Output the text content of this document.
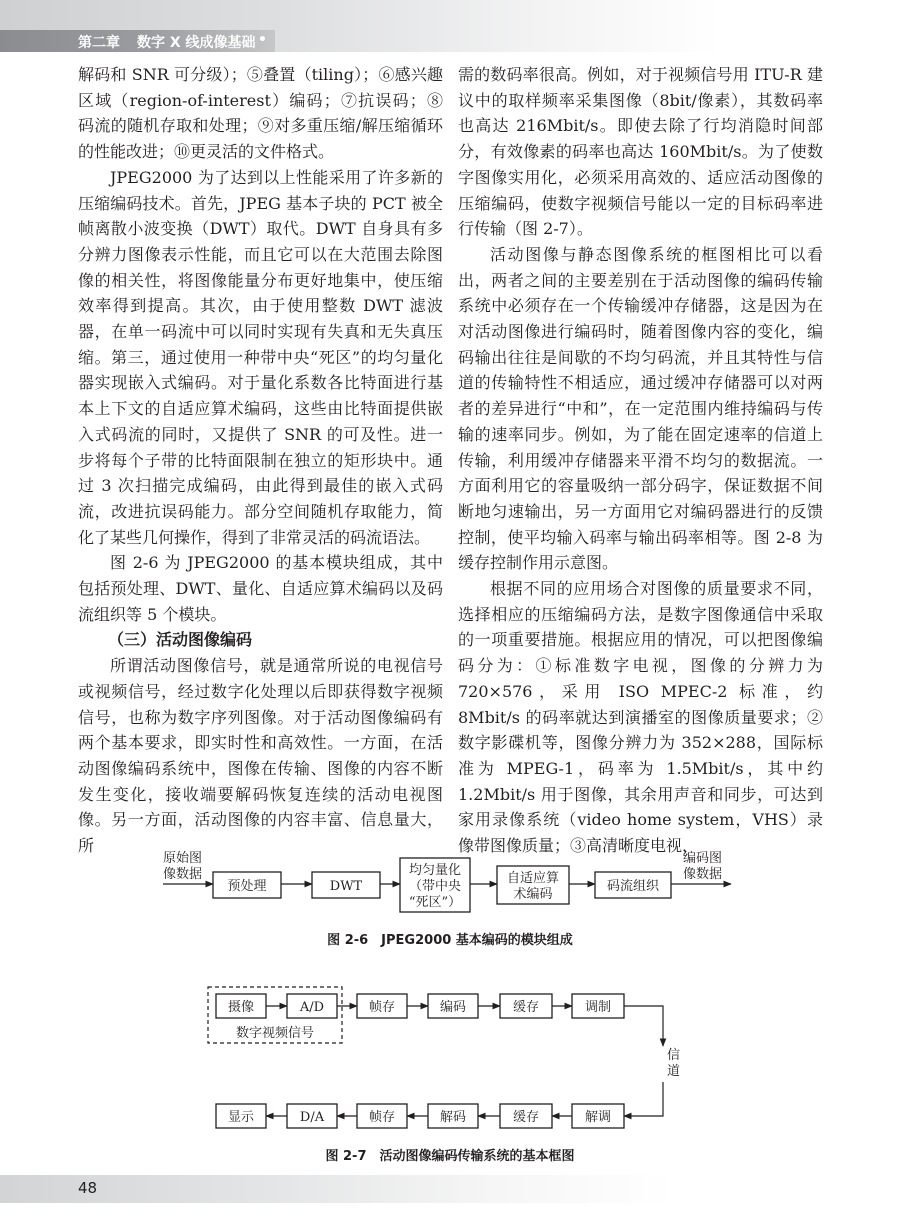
第二章 数字 X 线成像基础 •

解码和 SNR 可分级）；⑤叠置（tiling）；⑥感兴趣区域（region-of-interest）编码；⑦抗误码；⑧码流的随机存取和处理；⑨对多重压缩/解压缩循环的性能改进；⑩更灵活的文件格式。

JPEG2000 为了达到以上性能采用了许多新的压缩编码技术。首先，JPEG 基本子块的 PCT 被全帧离散小波变换（DWT）取代。DWT 自身具有多分辨力图像表示性能，而且它可以在大范围去除图像的相关性，将图像能量分布更好地集中，使压缩效率得到提高。其次，由于使用整数 DWT 滤波器，在单一码流中可以同时实现有失真和无失真压缩。第三，通过使用一种带中央“死区”的均匀量化器实现嵌入式编码。对于量化系数各比特面进行基本上下文的自适应算术编码，这些由比特面提供嵌入式码流的同时，又提供了 SNR 的可及性。进一步将每个子带的比特面限制在独立的矩形块中。通过 3 次扫描完成编码，由此得到最佳的嵌入式码流，改进抗误码能力。部分空间随机存取能力，简化了某些几何操作，得到了非常灵活的码流语法。

图 2-6 为 JPEG2000 的基本模块组成，其中包括预处理、DWT、量化、自适应算术编码以及码流组织等 5 个模块。

（三）活动图像编码

所谓活动图像信号，就是通常所说的电视信号或视频信号，经过数字化处理以后即获得数字视频信号，也称为数字序列图像。对于活动图像编码有两个基本要求，即实时性和高效性。一方面，在活动图像编码系统中，图像在传输、图像的内容不断发生变化，接收端要解码恢复连续的活动电视图像。另一方面，活动图像的内容丰富、信息量大，所

需的数码率很高。例如，对于视频信号用 ITU-R 建议中的取样频率采集图像（8bit/像素），其数码率也高达 216Mbit/s。即使去除了行均消隐时间部分，有效像素的码率也高达 160Mbit/s。为了使数字图像实用化，必须采用高效的、适应活动图像的压缩编码，使数字视频信号能以一定的目标码率进行传输（图 2-7）。

活动图像与静态图像系统的框图相比可以看出，两者之间的主要差别在于活动图像的编码传输系统中必须存在一个传输缓冲存储器，这是因为在对活动图像进行编码时，随着图像内容的变化，编码输出往往是间歇的不均匀码流，并且其特性与信道的传输特性不相适应，通过缓冲存储器可以对两者的差异进行“中和”，在一定范围内维持编码与传输的速率同步。例如，为了能在固定速率的信道上传输，利用缓冲存储器来平滑不均匀的数据流。一方面利用它的容量吸纳一部分码字，保证数据不间断地匀速输出，另一方面用它对编码器进行的反馈控制，使平均输入码率与输出码率相等。图 2-8 为缓存控制作用示意图。

根据不同的应用场合对图像的质量要求不同，选择相应的压缩编码方法，是数字图像通信中采取的一项重要措施。根据应用的情况，可以把图像编码分为：①标准数字电视，图像的分辨力为 720×576，采用 ISO MPEC-2 标准，约 8Mbit/s 的码率就达到演播室的图像质量要求；②数字影碟机等，图像分辨力为 352×288，国际标准为 MPEG-1，码率为 1.5Mbit/s，其中约 1.2Mbit/s 用于图像，其余用声音和同步，可达到家用录像系统（video home system，VHS）录像带图像质量；③高清晰度电视，

原始图
像数据
预处理	DWT
均匀量化
（带中央
“死区”）
自适应算
术编码
码流组织
编码图
像数据
图 2-6　JPEG2000 基本编码的模块组成
数字视频信号
摄像	A/D	帧存	编码	缓存	调制
信
道
解调
缓存
解码
帧存
D/A
显示
图 2-7　活动图像编码传输系统的基本框图
48
